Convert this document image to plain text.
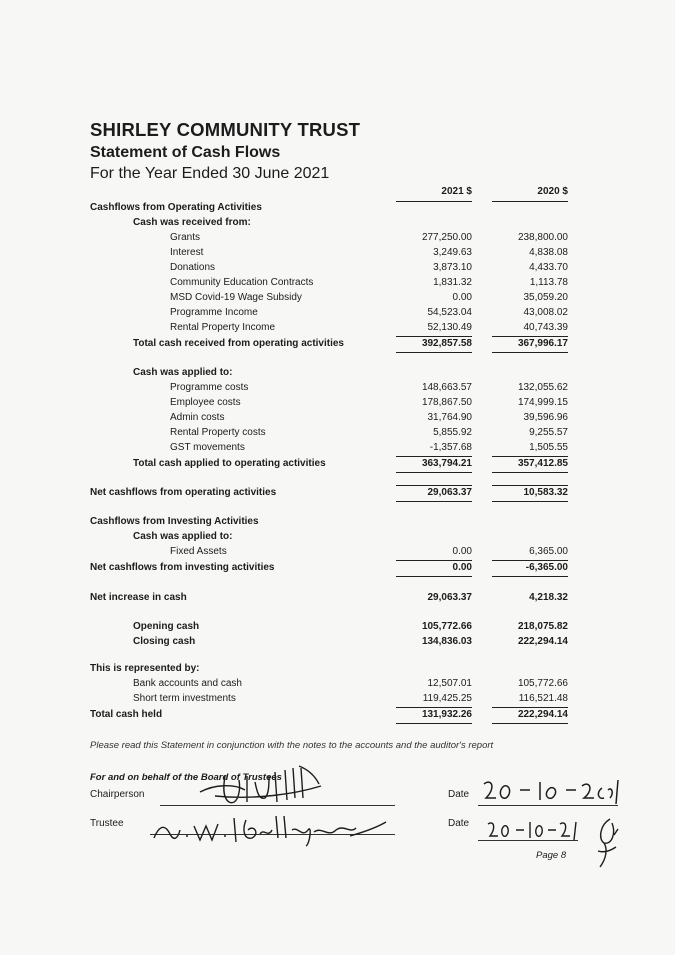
SHIRLEY COMMUNITY TRUST
Statement of Cash Flows
For the Year Ended 30 June 2021
2021 $	2020 $
Cashflows from Operating Activities
Cash was received from:
Grants	277,250.00	238,800.00
Interest	3,249.63	4,838.08
Donations	3,873.10	4,433.70
Community Education Contracts	1,831.32	1,113.78
MSD Covid-19 Wage Subsidy	0.00	35,059.20
Programme Income	54,523.04	43,008.02
Rental Property Income	52,130.49	40,743.39
Total cash received from operating activities	392,857.58	367,996.17
Cash was applied to:
Programme costs	148,663.57	132,055.62
Employee costs	178,867.50	174,999.15
Admin costs	31,764.90	39,596.96
Rental Property costs	5,855.92	9,255.57
GST movements	-1,357.68	1,505.55
Total cash applied to operating activities	363,794.21	357,412.85
Net cashflows from operating activities	29,063.37	10,583.32
Cashflows from Investing Activities
Cash was applied to:
Fixed Assets	0.00	6,365.00
Net cashflows from investing activities	0.00	-6,365.00
Net increase in cash	29,063.37	4,218.32
Opening cash	105,772.66	218,075.82
Closing cash	134,836.03	222,294.14
This is represented by:
Bank accounts and cash	12,507.01	105,772.66
Short term investments	119,425.25	116,521.48
Total cash held	131,932.26	222,294.14
Please read this Statement in conjunction with the notes to the accounts and the auditor's report
For and on behalf of the Board of Trustees
Chairperson
Trustee
Date
Date
Page 8
